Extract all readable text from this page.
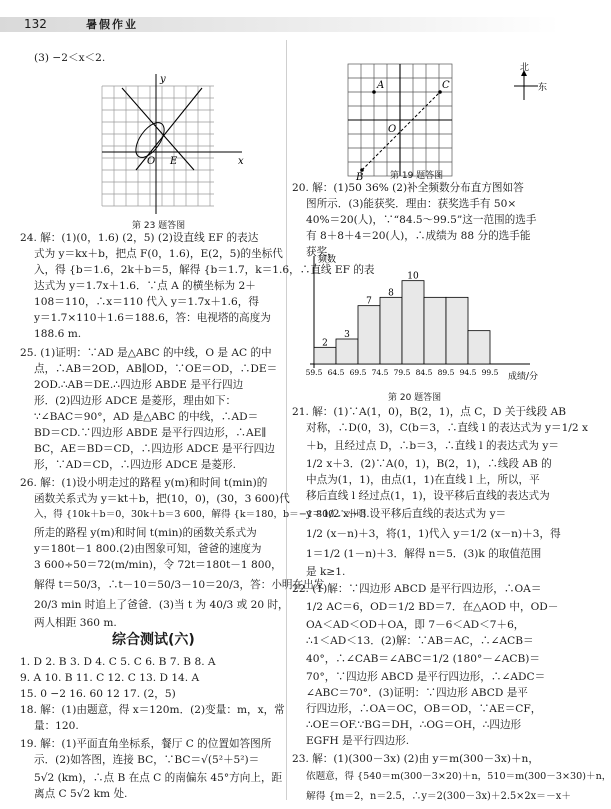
132	暑假作业
(3) −2＜x＜2.
y
x
O E
第 23 题答图
24. 解：(1)(0，1.6) (2，5) (2)设直线 EF 的表达
式为 y＝kx＋b，把点 F(0，1.6)，E(2，5)的坐标代
入，得 {b＝1.6，2k＋b＝5，解得 {b＝1.7，k＝1.6，∴直线 EF 的表
达式为 y＝1.7x＋1.6．∵点 A 的横坐标为 2＋
108＝110，∴x＝110 代入 y＝1.7x＋1.6，得
y＝1.7×110＋1.6＝188.6，答：电视塔的高度为
188.6 m.
25. (1)证明：∵AD 是△ABC 的中线，O 是 AC 的中
点，∴AB＝2OD，AB∥OD，∵OE＝OD，∴DE＝
2OD.∴AB＝DE.∴四边形 ABDE 是平行四边
形．(2)四边形 ADCE 是菱形，理由如下：
∵∠BAC＝90°，AD 是△ABC 的中线，∴AD＝
BD＝CD.∵四边形 ABDE 是平行四边形，∴AE∥
BC，AE＝BD＝CD，∴四边形 ADCE 是平行四边
形，∵AD＝CD，∴四边形 ADCE 是菱形.
26. 解：(1)设小明走过的路程 y(m)和时间 t(min)的
函数关系式为 y＝kt＋b，把(10，0)，(30，3 600)代
入，得 {10k＋b＝0，30k＋b＝3 600，解得 {k＝180，b＝−1 800.∴小明
所走的路程 y(m)和时间 t(min)的函数关系式为
y＝180t－1 800.(2)由图象可知，爸爸的速度为
3 600÷50＝72(m/min)，令 72t＝180t－1 800，
解得 t＝50/3，∴t－10＝50/3－10＝20/3，答：小明在出发
20/3 min 时追上了爸爸．(3)当 t 为 40/3 或 20 时，
两人相距 360 m.
综合测试(六)
1. D 2. B 3. D 4. C 5. C 6. B 7. B 8. A
9. A 10. B 11. C 12. C 13. D 14. A
15. 0 −2 16. 60 12 17. (2，5)
18. 解：(1)由题意，得 x＝120m．(2)变量：m，x，常
量：120.
19. 解：(1)平面直角坐标系，餐厅 C 的位置如答图所
示．(2)如答图，连接 BC，∵BC＝√(5²＋5²)＝
5√2 (km)，∴点 B 在点 C 的南偏东 45°方向上，距
离点 C 5√2 km 处.
A	C
O
B
北
东
第 19 题答图
20. 解：(1)50 36% (2)补全频数分布直方图如答
图所示．(3)能获奖．理由：获奖选手有 50×
40%＝20(人)，∵“84.5～99.5”这一范围的选手
有 8＋8＋4＝20(人)，∴成绩为 88 分的选手能
获奖.
频数
成绩/分
2
3
7
8
10
59.5 64.5 69.5 74.5 79.5 84.5 89.5 94.5 99.5
第 20 题答图
21. 解：(1)∵A(1，0)，B(2，1)，点 C，D 关于线段 AB
对称，∴D(0，3)，C(b＝3，∴直线 l 的表达式为 y＝1/2 x
＋b，且经过点 D，∴b＝3，∴直线 l 的表达式为 y＝
1/2 x＋3．(2)∵A(0，1)，B(2，1)，∴线段 AB 的
中点为(1，1)，由点(1，1)在直线 l 上，所以，平
移后直线 l 经过点(1，1)，设平移后直线的表达式为
y＝1/2 x＋3.设平移后直线的表达式为 y＝
1/2 (x－n)＋3，将(1，1)代入 y＝1/2 (x－n)＋3，得
1＝1/2 (1－n)＋3．解得 n＝5．(3)k 的取值范围
是 k≥1.
22. (1)解：∵四边形 ABCD 是平行四边形，∴OA＝
1/2 AC＝6，OD＝1/2 BD＝7．在△AOD 中，OD－
OA＜AD＜OD＋OA，即 7－6＜AD＜7＋6，
∴1＜AD＜13．(2)解：∵AB＝AC，∴∠ACB＝
40°，∴∠CAB＝∠ABC＝1/2 (180°－∠ACB)＝
70°，∵四边形 ABCD 是平行四边形，∴∠ADC＝
∠ABC＝70°．(3)证明：∵四边形 ABCD 是平
行四边形，∴OA＝OC，OB＝OD，∵AE＝CF，
∴OE＝OF.∵BG＝DH，∴OG＝OH，∴四边形
EGFH 是平行四边形.
23. 解：(1)(300－3x) (2)由 y＝m(300－3x)＋n，
依题意，得 {540＝m(300－3×20)＋n，510＝m(300－3×30)＋n，
解得 {m＝2，n＝2.5，∴y＝2(300－3x)＋2.5×2x＝－x＋
